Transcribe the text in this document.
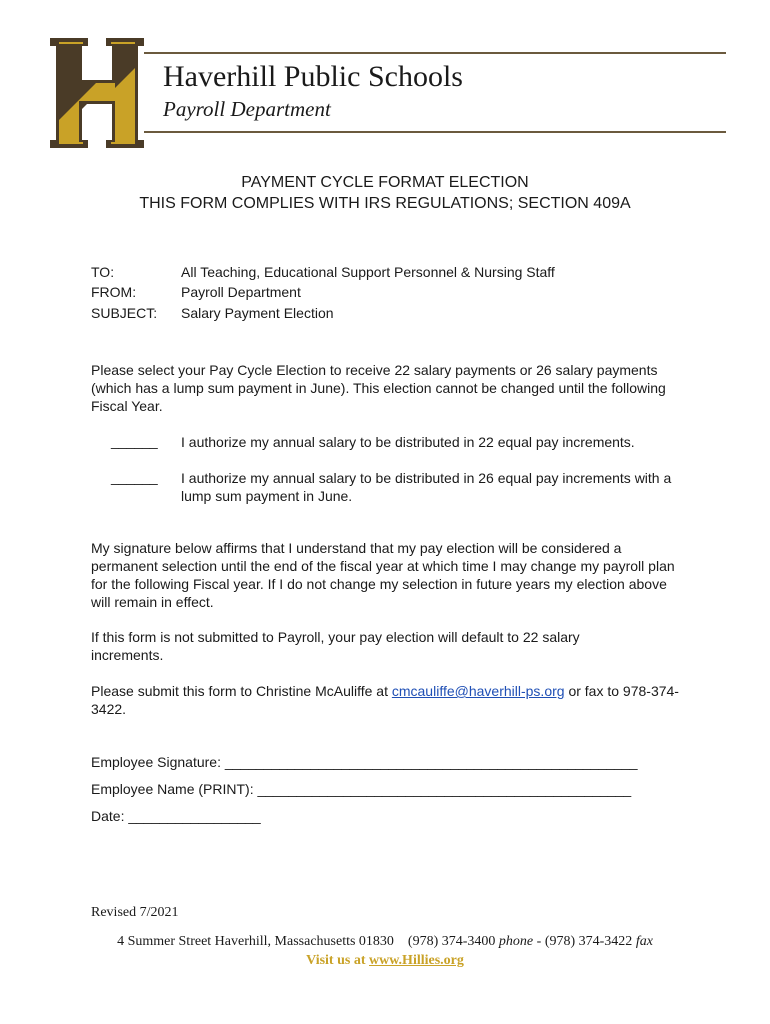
Haverhill Public Schools
Payroll Department
PAYMENT CYCLE FORMAT ELECTION
THIS FORM COMPLIES WITH IRS REGULATIONS; SECTION 409A
TO:	All Teaching, Educational Support Personnel & Nursing Staff
FROM:	Payroll Department
SUBJECT: Salary Payment Election
Please select your Pay Cycle Election to receive 22 salary payments or 26 salary payments (which has a lump sum payment in June). This election cannot be changed until the following Fiscal Year.
______ I authorize my annual salary to be distributed in 22 equal pay increments.
______ I authorize my annual salary to be distributed in 26 equal pay increments with a lump sum payment in June.
My signature below affirms that I understand that my pay election will be considered a permanent selection until the end of the fiscal year at which time I may change my payroll plan for the following Fiscal year. If I do not change my selection in future years my election above will remain in effect.
If this form is not submitted to Payroll, your pay election will default to 22 salary increments.
Please submit this form to Christine McAuliffe at cmcauliffe@haverhill-ps.org or fax to 978-374-3422.
Employee Signature: _____________________________________________________
Employee Name (PRINT): ________________________________________________
Date: _________________
Revised 7/2021
4 Summer Street Haverhill, Massachusetts 01830 (978) 374-3400 phone - (978) 374-3422 fax
Visit us at www.Hillies.org
